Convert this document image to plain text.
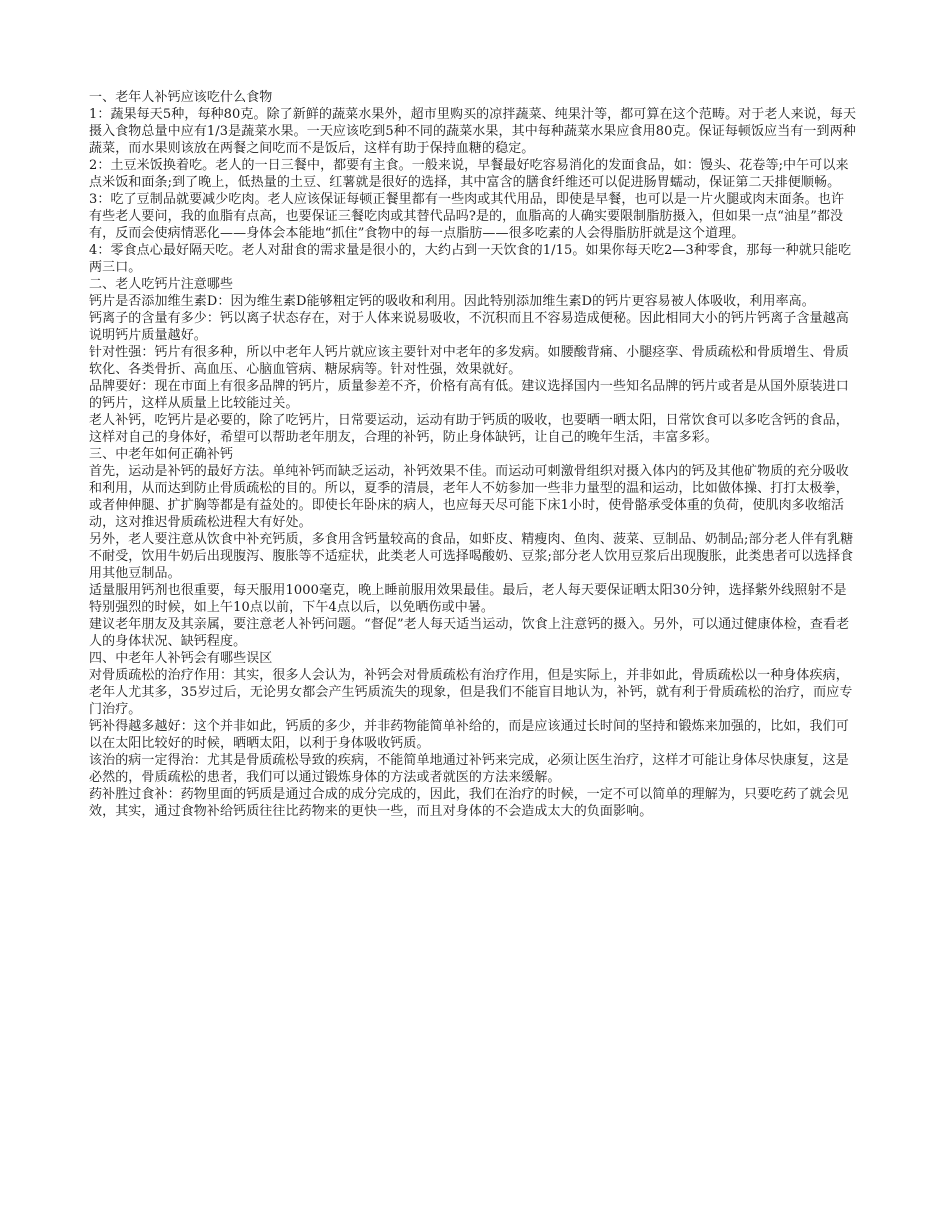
一、老年人补钙应该吃什么食物

1：蔬果每天5种，每种80克。除了新鲜的蔬菜水果外，超市里购买的凉拌蔬菜、纯果汁等，都可算在这个范畴。对于老人来说，每天摄入食物总量中应有1/3是蔬菜水果。一天应该吃到5种不同的蔬菜水果，其中每种蔬菜水果应食用80克。保证每顿饭应当有一到两种蔬菜，而水果则该放在两餐之间吃而不是饭后，这样有助于保持血糖的稳定。

2：土豆米饭换着吃。老人的一日三餐中，都要有主食。一般来说，早餐最好吃容易消化的发面食品，如：馒头、花卷等;中午可以来点米饭和面条;到了晚上，低热量的土豆、红薯就是很好的选择，其中富含的膳食纤维还可以促进肠胃蠕动，保证第二天排便顺畅。

3：吃了豆制品就要减少吃肉。老人应该保证每顿正餐里都有一些肉或其代用品，即使是早餐，也可以是一片火腿或肉末面条。也许有些老人要问，我的血脂有点高，也要保证三餐吃肉或其替代品吗?是的，血脂高的人确实要限制脂肪摄入，但如果一点“油星”都没有，反而会使病情恶化——身体会本能地“抓住”食物中的每一点脂肪——很多吃素的人会得脂肪肝就是这个道理。

4：零食点心最好隔天吃。老人对甜食的需求量是很小的，大约占到一天饮食的1/15。如果你每天吃2—3种零食，那每一种就只能吃两三口。

二、老人吃钙片注意哪些

钙片是否添加维生素D：因为维生素D能够粗定钙的吸收和利用。因此特别添加维生素D的钙片更容易被人体吸收，利用率高。

钙离子的含量有多少：钙以离子状态存在，对于人体来说易吸收，不沉积而且不容易造成便秘。因此相同大小的钙片钙离子含量越高说明钙片质量越好。

针对性强：钙片有很多种，所以中老年人钙片就应该主要针对中老年的多发病。如腰酸背痛、小腿痉挛、骨质疏松和骨质增生、骨质软化、各类骨折、高血压、心脑血管病、糖尿病等。针对性强，效果就好。

品牌要好：现在市面上有很多品牌的钙片，质量参差不齐，价格有高有低。建议选择国内一些知名品牌的钙片或者是从国外原装进口的钙片，这样从质量上比较能过关。

老人补钙，吃钙片是必要的，除了吃钙片，日常要运动，运动有助于钙质的吸收，也要晒一晒太阳，日常饮食可以多吃含钙的食品，这样对自己的身体好，希望可以帮助老年朋友，合理的补钙，防止身体缺钙，让自己的晚年生活，丰富多彩。

三、中老年如何正确补钙

首先，运动是补钙的最好方法。单纯补钙而缺乏运动，补钙效果不佳。而运动可刺激骨组织对摄入体内的钙及其他矿物质的充分吸收和利用，从而达到防止骨质疏松的目的。所以，夏季的清晨，老年人不妨参加一些非力量型的温和运动，比如做体操、打打太极拳，或者伸伸腿、扩扩胸等都是有益处的。即使长年卧床的病人，也应每天尽可能下床1小时，使骨骼承受体重的负荷，使肌肉多收缩活动，这对推迟骨质疏松进程大有好处。

另外，老人要注意从饮食中补充钙质，多食用含钙量较高的食品，如虾皮、精瘦肉、鱼肉、菠菜、豆制品、奶制品;部分老人伴有乳糖不耐受，饮用牛奶后出现腹泻、腹胀等不适症状，此类老人可选择喝酸奶、豆浆;部分老人饮用豆浆后出现腹胀，此类患者可以选择食用其他豆制品。

适量服用钙剂也很重要，每天服用1000毫克，晚上睡前服用效果最佳。最后，老人每天要保证晒太阳30分钟，选择紫外线照射不是特别强烈的时候，如上午10点以前，下午4点以后，以免晒伤或中暑。

建议老年朋友及其亲属，要注意老人补钙问题。“督促”老人每天适当运动，饮食上注意钙的摄入。另外，可以通过健康体检，查看老人的身体状况、缺钙程度。

四、中老年人补钙会有哪些误区

对骨质疏松的治疗作用：其实，很多人会认为，补钙会对骨质疏松有治疗作用，但是实际上，并非如此，骨质疏松以一种身体疾病，老年人尤其多，35岁过后，无论男女都会产生钙质流失的现象，但是我们不能盲目地认为，补钙，就有利于骨质疏松的治疗，而应专门治疗。

钙补得越多越好：这个并非如此，钙质的多少，并非药物能简单补给的，而是应该通过长时间的坚持和锻炼来加强的，比如，我们可以在太阳比较好的时候，晒晒太阳，以利于身体吸收钙质。

该治的病一定得治：尤其是骨质疏松导致的疾病，不能简单地通过补钙来完成，必须让医生治疗，这样才可能让身体尽快康复，这是必然的，骨质疏松的患者，我们可以通过锻炼身体的方法或者就医的方法来缓解。

药补胜过食补：药物里面的钙质是通过合成的成分完成的，因此，我们在治疗的时候，一定不可以简单的理解为，只要吃药了就会见效，其实，通过食物补给钙质往往比药物来的更快一些，而且对身体的不会造成太大的负面影响。
